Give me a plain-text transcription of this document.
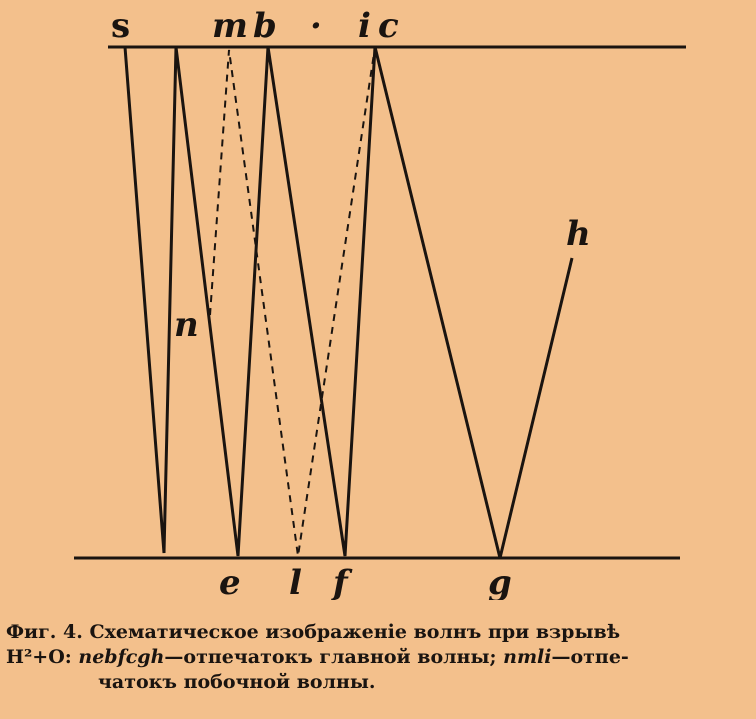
s m b · i c
n
h
e l f	g
Фиг. 4. Схематическое изображеніе волнъ при взрывѣ
H²+O: nebfcgh—отпечатокъ главной волны; nmli—отпе-
чатокъ побочной волны.
